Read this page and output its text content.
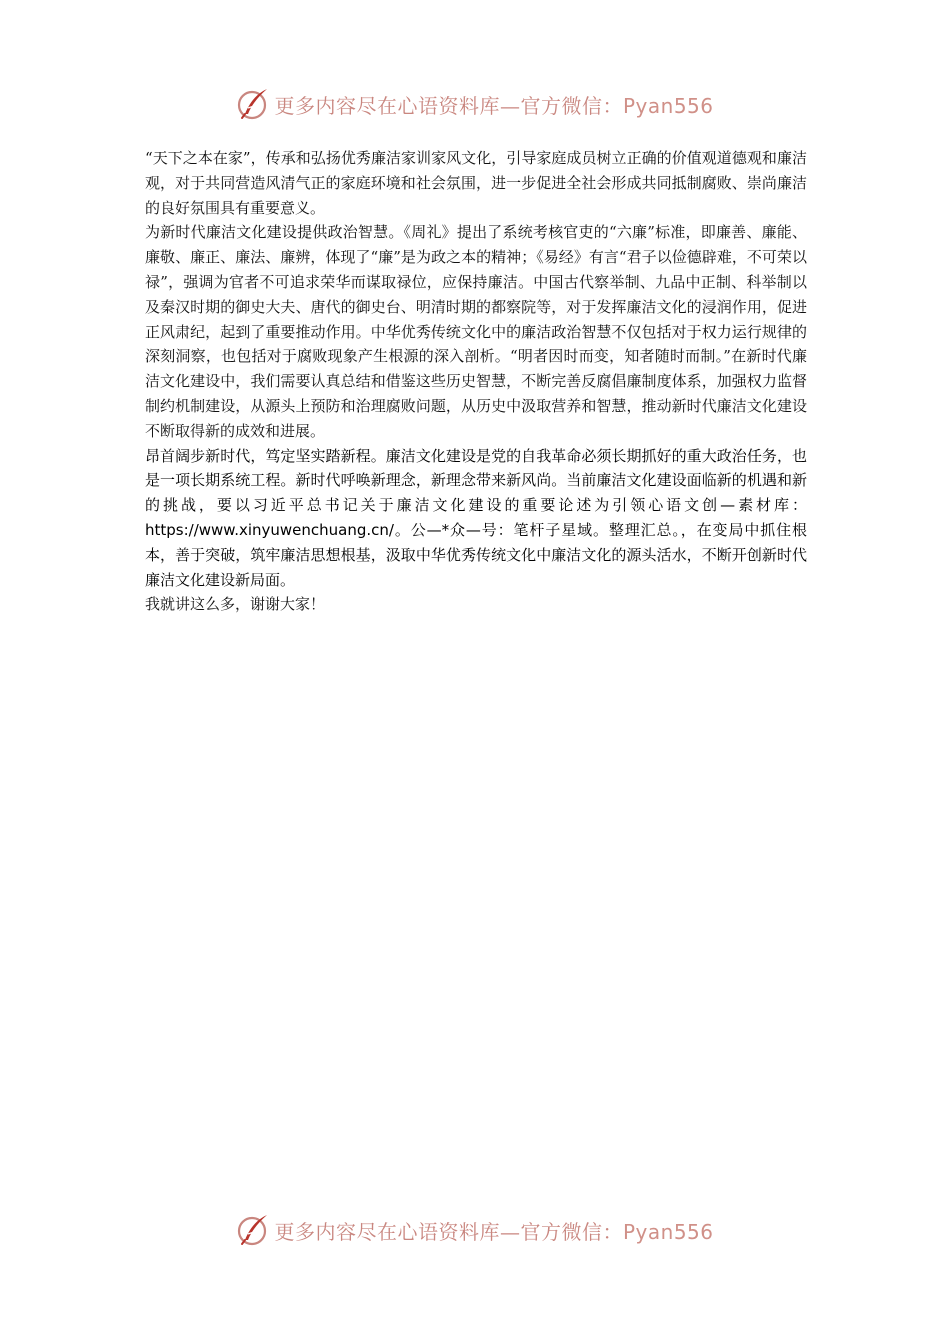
更多内容尽在心语资料库—官方微信：Pyan556

“天下之本在家”，传承和弘扬优秀廉洁家训家风文化，引导家庭成员树立正确的价值观道德观和廉洁观，对于共同营造风清气正的家庭环境和社会氛围，进一步促进全社会形成共同抵制腐败、崇尚廉洁的良好氛围具有重要意义。

为新时代廉洁文化建设提供政治智慧。《周礼》提出了系统考核官吏的“六廉”标准，即廉善、廉能、廉敬、廉正、廉法、廉辨，体现了“廉”是为政之本的精神；《易经》有言“君子以俭德辟难，不可荣以禄”，强调为官者不可追求荣华而谋取禄位，应保持廉洁。中国古代察举制、九品中正制、科举制以及秦汉时期的御史大夫、唐代的御史台、明清时期的都察院等，对于发挥廉洁文化的浸润作用，促进正风肃纪，起到了重要推动作用。中华优秀传统文化中的廉洁政治智慧不仅包括对于权力运行规律的深刻洞察，也包括对于腐败现象产生根源的深入剖析。“明者因时而变，知者随时而制。”在新时代廉洁文化建设中，我们需要认真总结和借鉴这些历史智慧，不断完善反腐倡廉制度体系，加强权力监督制约机制建设，从源头上预防和治理腐败问题，从历史中汲取营养和智慧，推动新时代廉洁文化建设不断取得新的成效和进展。

昂首阔步新时代，笃定坚实踏新程。廉洁文化建设是党的自我革命必须长期抓好的重大政治任务，也是一项长期系统工程。新时代呼唤新理念，新理念带来新风尚。当前廉洁文化建设面临新的机遇和新的挑战，要以习近平总书记关于廉洁文化建设的重要论述为引领心语文创—素材库：https://www.xinyuwenchuang.cn/。公—*众—号：笔杆子星域。整理汇总。，在变局中抓住根本，善于突破，筑牢廉洁思想根基，汲取中华优秀传统文化中廉洁文化的源头活水，不断开创新时代廉洁文化建设新局面。

我就讲这么多，谢谢大家！

更多内容尽在心语资料库—官方微信：Pyan556
